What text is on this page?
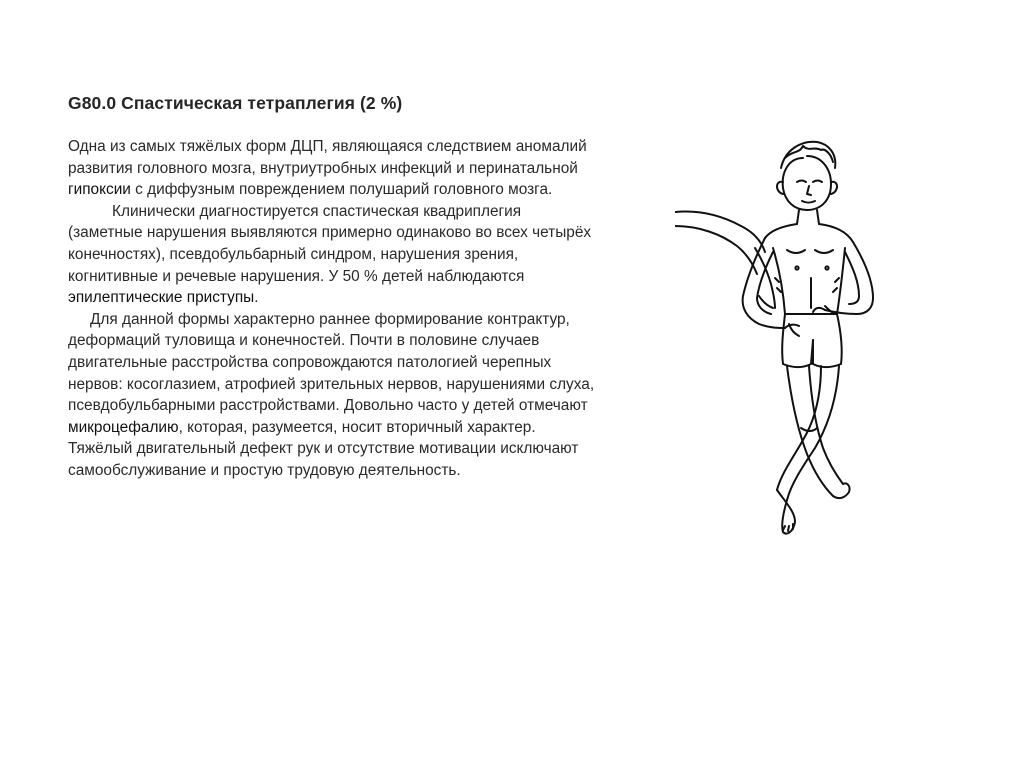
G80.0 Спастическая тетраплегия (2 %)
Одна из самых тяжёлых форм ДЦП, являющаяся следствием аномалий
развития головного мозга, внутриутробных инфекций и перинатальной
гипоксии с диффузным повреждением полушарий головного мозга.
Клинически диагностируется спастическая квадриплегия
(заметные нарушения выявляются примерно одинаково во всех четырёх
конечностях), псевдобульбарный синдром, нарушения зрения,
когнитивные и речевые нарушения. У 50 % детей наблюдаются
эпилептические приступы.
Для данной формы характерно раннее формирование контрактур,
деформаций туловища и конечностей. Почти в половине случаев
двигательные расстройства сопровождаются патологией черепных
нервов: косоглазием, атрофией зрительных нервов, нарушениями слуха,
псевдобульбарными расстройствами. Довольно часто у детей отмечают
микроцефалию, которая, разумеется, носит вторичный характер.
Тяжёлый двигательный дефект рук и отсутствие мотивации исключают
самообслуживание и простую трудовую деятельность.
